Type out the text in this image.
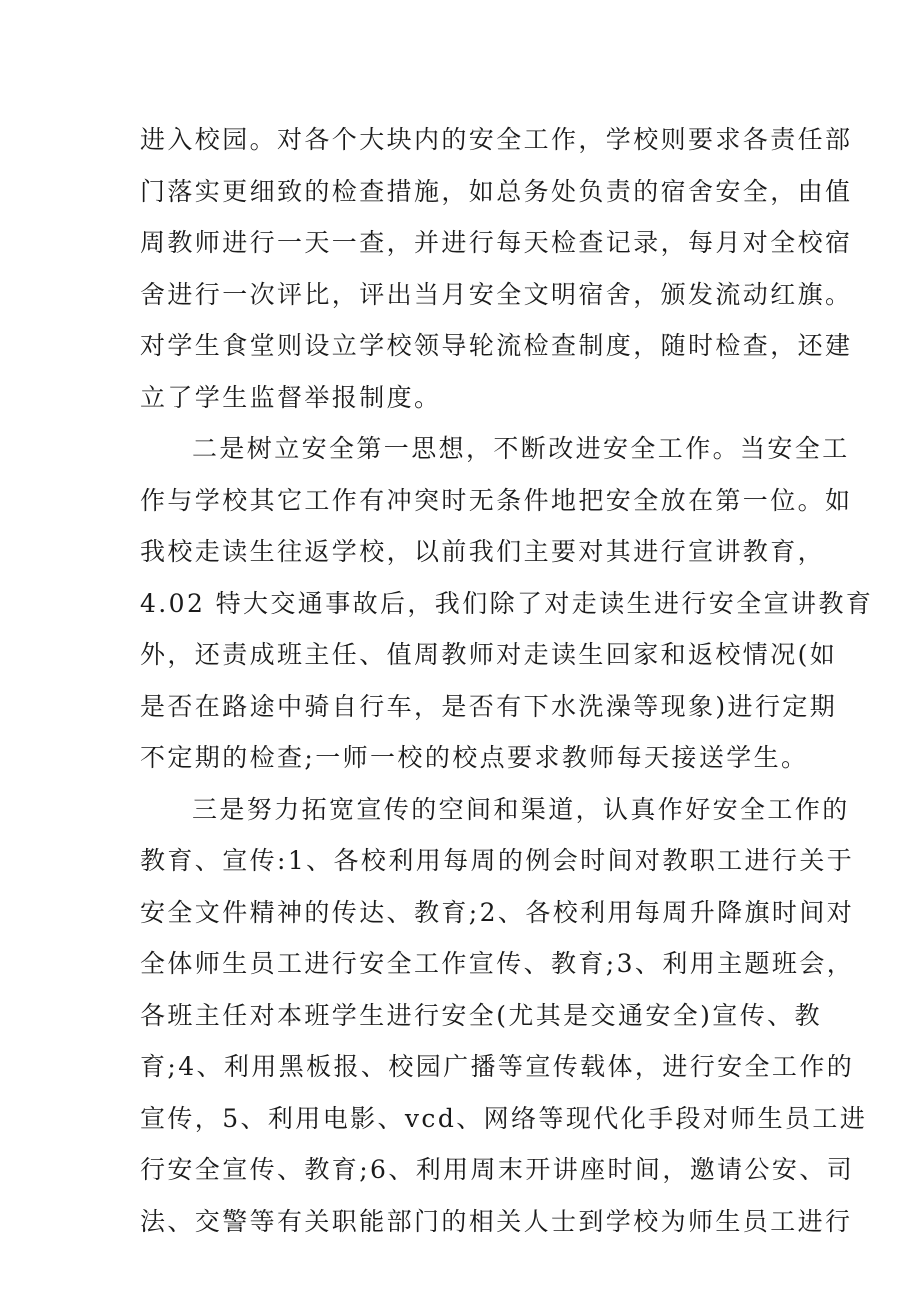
进入校园。对各个大块内的安全工作，学校则要求各责任部
门落实更细致的检查措施，如总务处负责的宿舍安全，由值
周教师进行一天一查，并进行每天检查记录，每月对全校宿
舍进行一次评比，评出当月安全文明宿舍，颁发流动红旗。
对学生食堂则设立学校领导轮流检查制度，随时检查，还建
立了学生监督举报制度。
二是树立安全第一思想，不断改进安全工作。当安全工
作与学校其它工作有冲突时无条件地把安全放在第一位。如
我校走读生往返学校，以前我们主要对其进行宣讲教育，
4.02 特大交通事故后，我们除了对走读生进行安全宣讲教育
外，还责成班主任、值周教师对走读生回家和返校情况(如
是否在路途中骑自行车，是否有下水洗澡等现象)进行定期
不定期的检查;一师一校的校点要求教师每天接送学生。
三是努力拓宽宣传的空间和渠道，认真作好安全工作的
教育、宣传:1、各校利用每周的例会时间对教职工进行关于
安全文件精神的传达、教育;2、各校利用每周升降旗时间对
全体师生员工进行安全工作宣传、教育;3、利用主题班会，
各班主任对本班学生进行安全(尤其是交通安全)宣传、教
育;4、利用黑板报、校园广播等宣传载体，进行安全工作的
宣传，5、利用电影、vcd、网络等现代化手段对师生员工进
行安全宣传、教育;6、利用周末开讲座时间，邀请公安、司
法、交警等有关职能部门的相关人士到学校为师生员工进行
